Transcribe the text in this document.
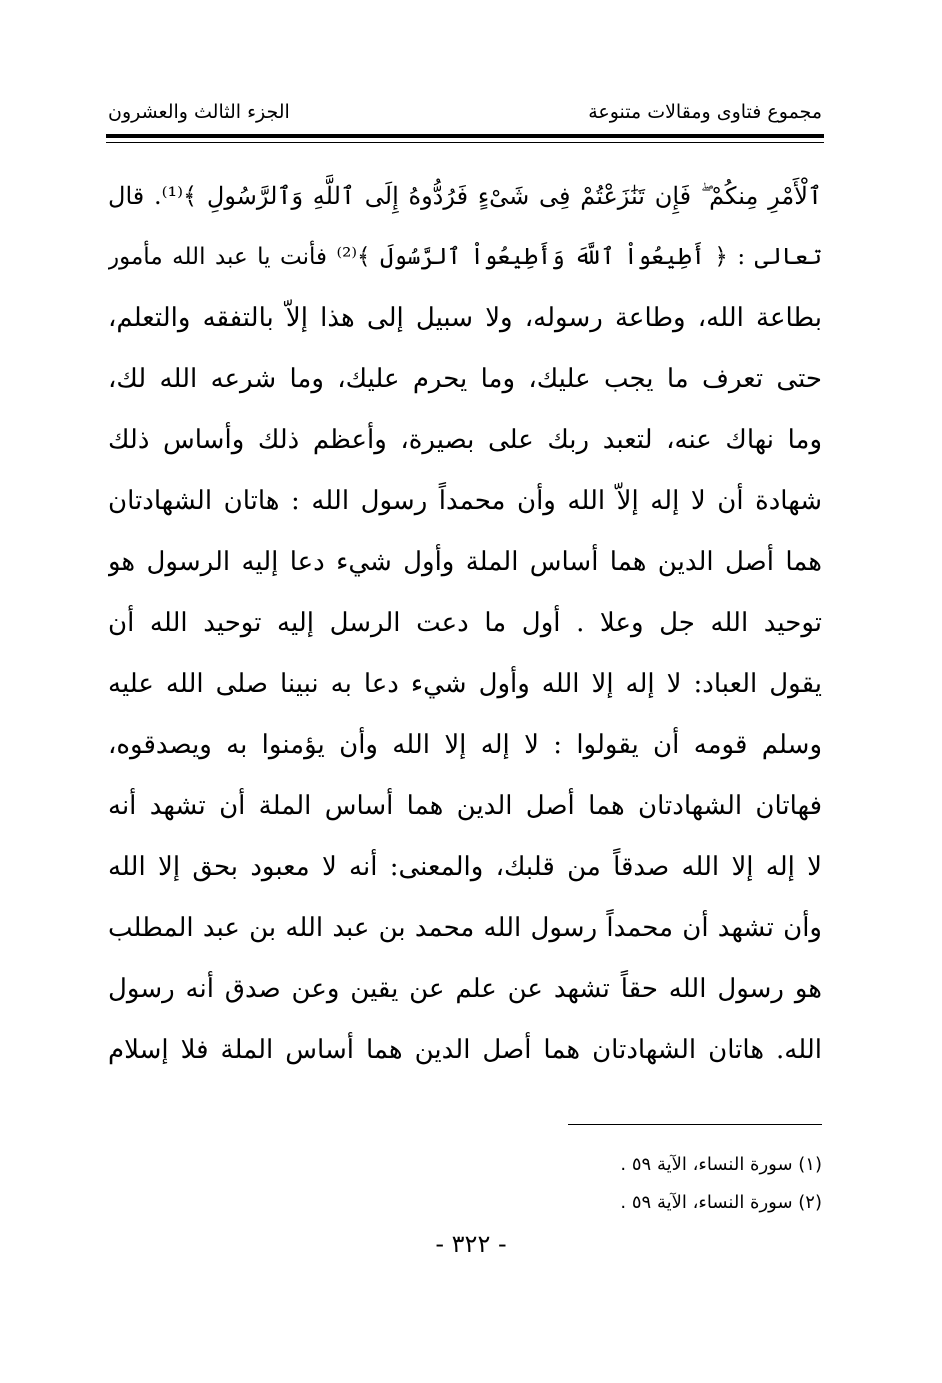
مجموع فتاوى ومقالات متنوعة
الجزء الثالث والعشرون
ٱلْأَمْرِ مِنكُمْ ۖ فَإِن تَنَٰزَعْتُمْ فِى شَىْءٍ فَرُدُّوهُ إِلَى ٱللَّهِ وَٱلرَّسُولِ ﴾⁽¹⁾. قال
تعالى : ﴿ أَطِيعُواْ ٱللَّهَ وَأَطِيعُواْ ٱلرَّسُولَ ﴾⁽²⁾ فأنت يا عبد الله مأمور
بطاعة الله، وطاعة رسوله، ولا سبيل إلى هذا إلاّ بالتفقه والتعلم،
حتى تعرف ما يجب عليك، وما يحرم عليك، وما شرعه الله لك،
وما نهاك عنه، لتعبد ربك على بصيرة، وأعظم ذلك وأساس ذلك
شهادة أن لا إله إلاّ الله وأن محمداً رسول الله : هاتان الشهادتان
هما أصل الدين هما أساس الملة وأول شيء دعا إليه الرسول هو
توحيد الله جل وعلا . أول ما دعت الرسل إليه توحيد الله أن
يقول العباد: لا إله إلا الله وأول شيء دعا به نبينا صلى الله عليه
وسلم قومه أن يقولوا : لا إله إلا الله وأن يؤمنوا به ويصدقوه،
فهاتان الشهادتان هما أصل الدين هما أساس الملة أن تشهد أنه
لا إله إلا الله صدقاً من قلبك، والمعنى: أنه لا معبود بحق إلا الله
وأن تشهد أن محمداً رسول الله محمد بن عبد الله بن عبد المطلب
هو رسول الله حقاً تشهد عن علم عن يقين وعن صدق أنه رسول
الله. هاتان الشهادتان هما أصل الدين هما أساس الملة فلا إسلام
(١) سورة النساء، الآية ٥٩ .
(٢) سورة النساء، الآية ٥٩ .
- ٣٢٢ -
